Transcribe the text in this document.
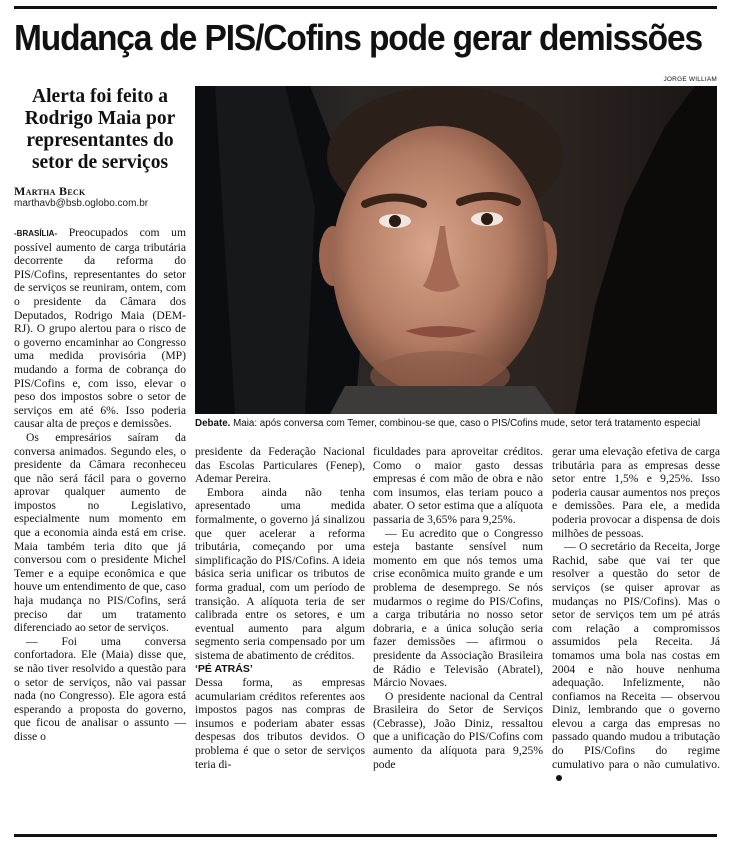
Mudança de PIS/Cofins pode gerar demissões
Alerta foi feito a Rodrigo Maia por representantes do setor de serviços
Martha Beck
marthavb@bsb.oglobo.com.br
JORGE WILLIAM
Debate. Maia: após conversa com Temer, combinou-se que, caso o PIS/Cofins mude, setor terá tratamento especial

-BRASÍLIA- Preocupados com um possível aumento de carga tributária decorrente da reforma do PIS/Cofins, representantes do setor de serviços se reuniram, ontem, com o presidente da Câmara dos Deputados, Rodrigo Maia (DEM-RJ). O grupo alertou para o risco de o governo encaminhar ao Congresso uma medida provisória (MP) mudando a forma de cobrança do PIS/Cofins e, com isso, elevar o peso dos impostos sobre o setor de serviços em até 6%. Isso poderia causar alta de preços e demissões.

Os empresários saíram da conversa animados. Segundo eles, o presidente da Câmara reconheceu que não será fácil para o governo aprovar qualquer aumento de impostos no Legislativo, especialmente num momento em que a economia ainda está em crise. Maia também teria dito que já conversou com o presidente Michel Temer e a equipe econômica e que houve um entendimento de que, caso haja mudança no PIS/Cofins, será preciso dar um tratamento diferenciado ao setor de serviços.

— Foi uma conversa confortadora. Ele (Maia) disse que, se não tiver resolvido a questão para o setor de serviços, não vai passar nada (no Congresso). Ele agora está esperando a proposta do governo, que ficou de analisar o assunto — disse o

presidente da Federação Nacional das Escolas Particulares (Fenep), Ademar Pereira.

Embora ainda não tenha apresentado uma medida formalmente, o governo já sinalizou que quer acelerar a reforma tributária, começando por uma simplificação do PIS/Cofins. A ideia básica seria unificar os tributos de forma gradual, com um período de transição. A alíquota teria de ser calibrada entre os setores, e um eventual aumento para algum segmento seria compensado por um sistema de abatimento de créditos.

‘PÉ ATRÁS’

Dessa forma, as empresas acumulariam créditos referentes aos impostos pagos nas compras de insumos e poderiam abater essas despesas dos tributos devidos. O problema é que o setor de serviços teria di-

ficuldades para aproveitar créditos. Como o maior gasto dessas empresas é com mão de obra e não com insumos, elas teriam pouco a abater. O setor estima que a alíquota passaria de 3,65% para 9,25%.

— Eu acredito que o Congresso esteja bastante sensível num momento em que nós temos uma crise econômica muito grande e um problema de desemprego. Se nós mudarmos o regime do PIS/Cofins, a carga tributária no nosso setor dobraria, e a única solução seria fazer demissões — afirmou o presidente da Associação Brasileira de Rádio e Televisão (Abratel), Márcio Novaes.

O presidente nacional da Central Brasileira do Setor de Serviços (Cebrasse), João Diniz, ressaltou que a unificação do PIS/Cofins com aumento da alíquota para 9,25% pode

gerar uma elevação efetiva de carga tributária para as empresas desse setor entre 1,5% e 9,25%. Isso poderia causar aumentos nos preços e demissões. Para ele, a medida poderia provocar a dispensa de dois milhões de pessoas.

— O secretário da Receita, Jorge Rachid, sabe que vai ter que resolver a questão do setor de serviços (se quiser aprovar as mudanças no PIS/Cofins). Mas o setor de serviços tem um pé atrás com relação a compromissos assumidos pela Receita. Já tomamos uma bola nas costas em 2004 e não houve nenhuma adequação. Infelizmente, não confiamos na Receita — observou Diniz, lembrando que o governo elevou a carga das empresas no passado quando mudou a tributação do PIS/Cofins do regime cumulativo para o não cumulativo.
